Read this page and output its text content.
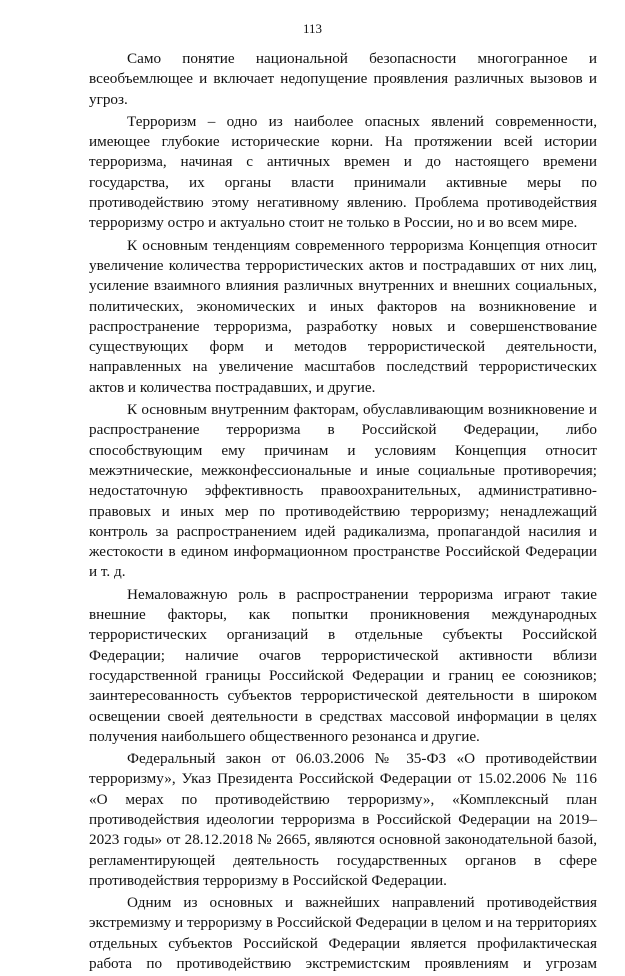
113

Само понятие национальной безопасности многогранное и всеобъемлющее и включает недопущение проявления различных вызовов и угроз.

Терроризм – одно из наиболее опасных явлений современности, имеющее глубокие исторические корни. На протяжении всей истории терроризма, начиная с античных времен и до настоящего времени государства, их органы власти принимали активные меры по противодействию этому негативному явлению. Проблема противодействия терроризму остро и актуально стоит не только в России, но и во всем мире.

К основным тенденциям современного терроризма Концепция относит увеличение количества террористических актов и пострадавших от них лиц, усиление взаимного влияния различных внутренних и внешних социальных, политических, экономических и иных факторов на возникновение и распространение терроризма, разработку новых и совершенствование существующих форм и методов террористической деятельности, направленных на увеличение масштабов последствий террористических актов и количества пострадавших, и другие.

К основным внутренним факторам, обуславливающим возникновение и распространение терроризма в Российской Федерации, либо способствующим ему причинам и условиям Концепция относит межэтнические, межконфессиональные и иные социальные противоречия; недостаточную эффективность правоохранительных, административно-правовых и иных мер по противодействию терроризму; ненадлежащий контроль за распространением идей радикализма, пропагандой насилия и жестокости в едином информационном пространстве Российской Федерации и т. д.

Немаловажную роль в распространении терроризма играют такие внешние факторы, как попытки проникновения международных террористических организаций в отдельные субъекты Российской Федерации; наличие очагов террористической активности вблизи государственной границы Российской Федерации и границ ее союзников; заинтересованность субъектов террористической деятельности в широком освещении своей деятельности в средствах массовой информации в целях получения наибольшего общественного резонанса и другие.

Федеральный закон от 06.03.2006 № 35-ФЗ «О противодействии терроризму», Указ Президента Российской Федерации от 15.02.2006 № 116 «О мерах по противодействию терроризму», «Комплексный план противодействия идеологии терроризма в Российской Федерации на 2019–2023 годы» от 28.12.2018 № 2665, являются основной законодательной базой, регламентирующей деятельность государственных органов в сфере противодействия терроризму в Российской Федерации.

Одним из основных и важнейших направлений противодействия экстремизму и терроризму в Российской Федерации в целом и на территориях отдельных субъектов Российской Федерации является профилактическая работа по противодействию экстремистским проявлениям и угрозам
